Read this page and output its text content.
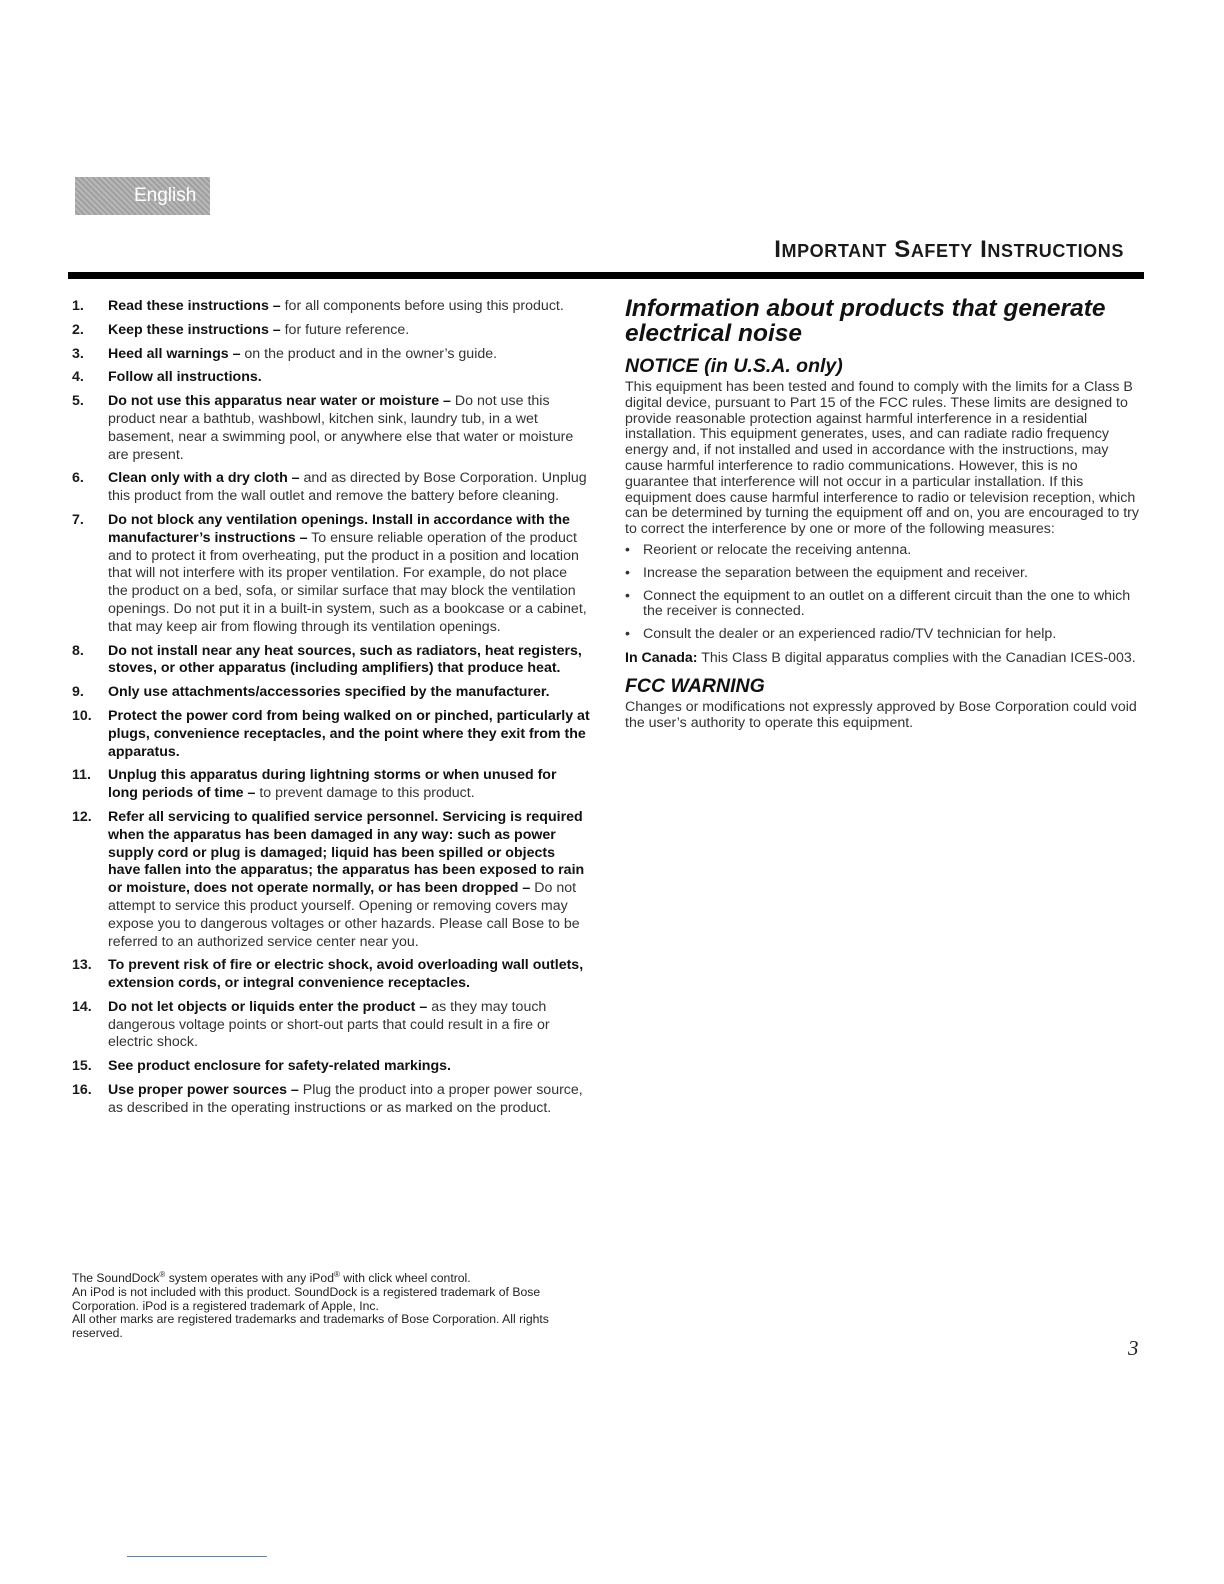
English
IMPORTANT SAFETY INSTRUCTIONS
1.	Read these instructions – for all components before using this product.
2.	Keep these instructions – for future reference.
3.	Heed all warnings – on the product and in the owner’s guide.
4.	Follow all instructions.
5.	Do not use this apparatus near water or moisture – Do not use this product near a bathtub, washbowl, kitchen sink, laundry tub, in a wet basement, near a swimming pool, or anywhere else that water or moisture are present.
6.	Clean only with a dry cloth – and as directed by Bose Corporation. Unplug this product from the wall outlet and remove the battery before cleaning.
7.	Do not block any ventilation openings. Install in accordance with the manufacturer’s instructions – To ensure reliable operation of the product and to protect it from overheating, put the product in a position and location that will not interfere with its proper ventilation. For example, do not place the product on a bed, sofa, or similar surface that may block the ventilation openings. Do not put it in a built-in system, such as a bookcase or a cabinet, that may keep air from flowing through its ventilation openings.
8.	Do not install near any heat sources, such as radiators, heat registers, stoves, or other apparatus (including amplifiers) that produce heat.
9.	Only use attachments/accessories specified by the manufacturer.
10.	Protect the power cord from being walked on or pinched, particularly at plugs, convenience receptacles, and the point where they exit from the apparatus.
11.	Unplug this apparatus during lightning storms or when unused for long periods of time – to prevent damage to this product.
12.	Refer all servicing to qualified service personnel. Servicing is required when the apparatus has been damaged in any way: such as power supply cord or plug is damaged; liquid has been spilled or objects have fallen into the apparatus; the apparatus has been exposed to rain or moisture, does not operate normally, or has been dropped – Do not attempt to service this product yourself. Opening or removing covers may expose you to dangerous voltages or other hazards. Please call Bose to be referred to an authorized service center near you.
13.	To prevent risk of fire or electric shock, avoid overloading wall outlets, extension cords, or integral convenience receptacles.
14.	Do not let objects or liquids enter the product – as they may touch dangerous voltage points or short-out parts that could result in a fire or electric shock.
15.	See product enclosure for safety-related markings.
16.	Use proper power sources – Plug the product into a proper power source, as described in the operating instructions or as marked on the product.

The SoundDock® system operates with any iPod® with click wheel control.

An iPod is not included with this product. SoundDock is a registered trademark of Bose Corporation. iPod is a registered trademark of Apple, Inc.

All other marks are registered trademarks and trademarks of Bose Corporation. All rights reserved.

Information about products that generate electrical noise
NOTICE (in U.S.A. only)

This equipment has been tested and found to comply with the limits for a Class B digital device, pursuant to Part 15 of the FCC rules. These limits are designed to provide reasonable protection against harmful interference in a residential installation. This equipment generates, uses, and can radiate radio frequency energy and, if not installed and used in accordance with the instructions, may cause harmful interference to radio communications. However, this is no guarantee that interference will not occur in a particular installation. If this equipment does cause harmful interference to radio or television reception, which can be determined by turning the equipment off and on, you are encouraged to try to correct the interference by one or more of the following measures:

• Reorient or relocate the receiving antenna.
• Increase the separation between the equipment and receiver.
• Connect the equipment to an outlet on a different circuit than the one to which the receiver is connected.
• Consult the dealer or an experienced radio/TV technician for help.

In Canada: This Class B digital apparatus complies with the Canadian ICES-003.

FCC WARNING

Changes or modifications not expressly approved by Bose Corporation could void the user’s authority to operate this equipment.

3
